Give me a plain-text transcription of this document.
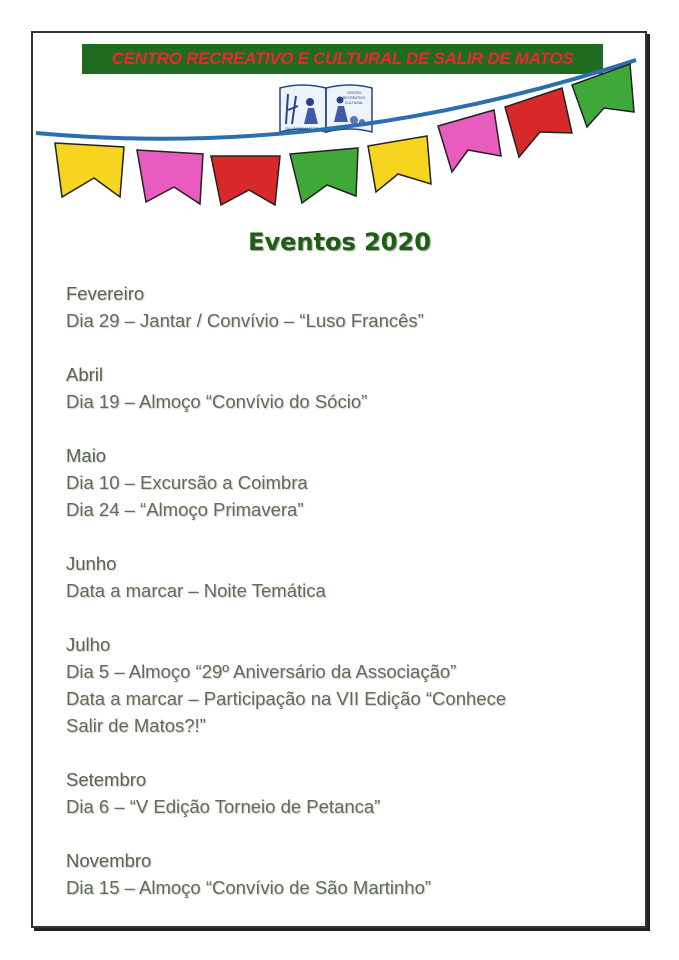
CENTRO RECREATIVO E CULTURAL DE SALIR DE MATOS
CENTRO
RECREATIVO
CULTURAL
SALIR DE MATOS
Eventos 2020
Fevereiro
Dia 29 – Jantar / Convívio – “Luso Francês”
Abril
Dia 19 – Almoço “Convívio do Sócio”
Maio
Dia 10 – Excursão a Coimbra
Dia 24 – “Almoço Primavera”
Junho
Data a marcar – Noite Temática
Julho
Dia 5 – Almoço “29º Aniversário da Associação”
Data a marcar – Participação na VII Edição “Conhece
Salir de Matos?!”
Setembro
Dia 6 – “V Edição Torneio de Petanca”
Novembro
Dia 15 – Almoço “Convívio de São Martinho”
